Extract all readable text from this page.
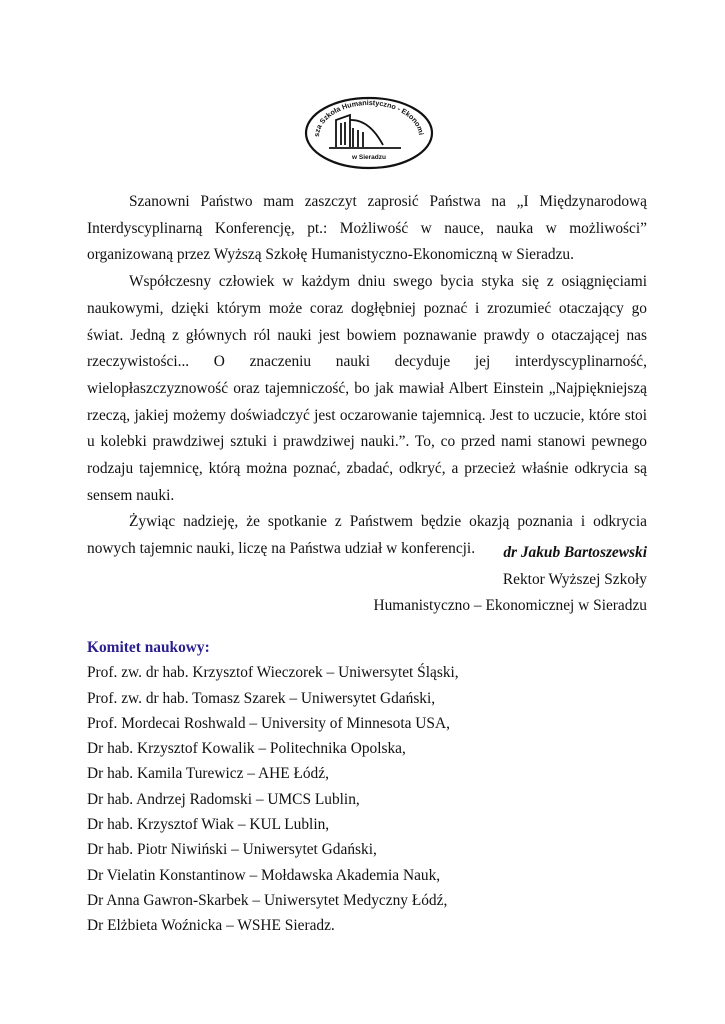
sza Szkoła Humanistyczno - Ekonomi
w Sieradzu

Szanowni Państwo mam zaszczyt zaprosić Państwa na „I Międzynarodową Interdyscyplinarną Konferencję, pt.: Możliwość w nauce, nauka w możliwości” organizowaną przez Wyższą Szkołę Humanistyczno-Ekonomiczną w Sieradzu.

Współczesny człowiek w każdym dniu swego bycia styka się z osiągnięciami naukowymi, dzięki którym może coraz dogłębniej poznać i zrozumieć otaczający go świat. Jedną z głównych ról nauki jest bowiem poznawanie prawdy o otaczającej nas rzeczywistości... O znaczeniu nauki decyduje jej interdyscyplinarność, wielopłaszczyznowość oraz tajemniczość, bo jak mawiał Albert Einstein „Najpiękniejszą rzeczą, jakiej możemy doświadczyć jest oczarowanie tajemnicą. Jest to uczucie, które stoi u kolebki prawdziwej sztuki i prawdziwej nauki.”. To, co przed nami stanowi pewnego rodzaju tajemnicę, którą można poznać, zbadać, odkryć, a przecież właśnie odkrycia są sensem nauki.

Żywiąc nadzieję, że spotkanie z Państwem będzie okazją poznania i odkrycia nowych tajemnic nauki, liczę na Państwa udział w konferencji.	dr Jakub Bartoszewski
Rektor Wyższej Szkoły
Humanistyczno – Ekonomicznej w Sieradzu
Komitet naukowy:
Prof. zw. dr hab. Krzysztof Wieczorek – Uniwersytet Śląski,
Prof. zw. dr hab. Tomasz Szarek – Uniwersytet Gdański,
Prof. Mordecai Roshwald – University of Minnesota USA,
Dr hab. Krzysztof Kowalik – Politechnika Opolska,
Dr hab. Kamila Turewicz – AHE Łódź,
Dr hab. Andrzej Radomski – UMCS Lublin,
Dr hab. Krzysztof Wiak – KUL Lublin,
Dr hab. Piotr Niwiński – Uniwersytet Gdański,
Dr Vielatin Konstantinow – Mołdawska Akademia Nauk,
Dr Anna Gawron-Skarbek – Uniwersytet Medyczny Łódź,
Dr Elżbieta Woźnicka – WSHE Sieradz.
